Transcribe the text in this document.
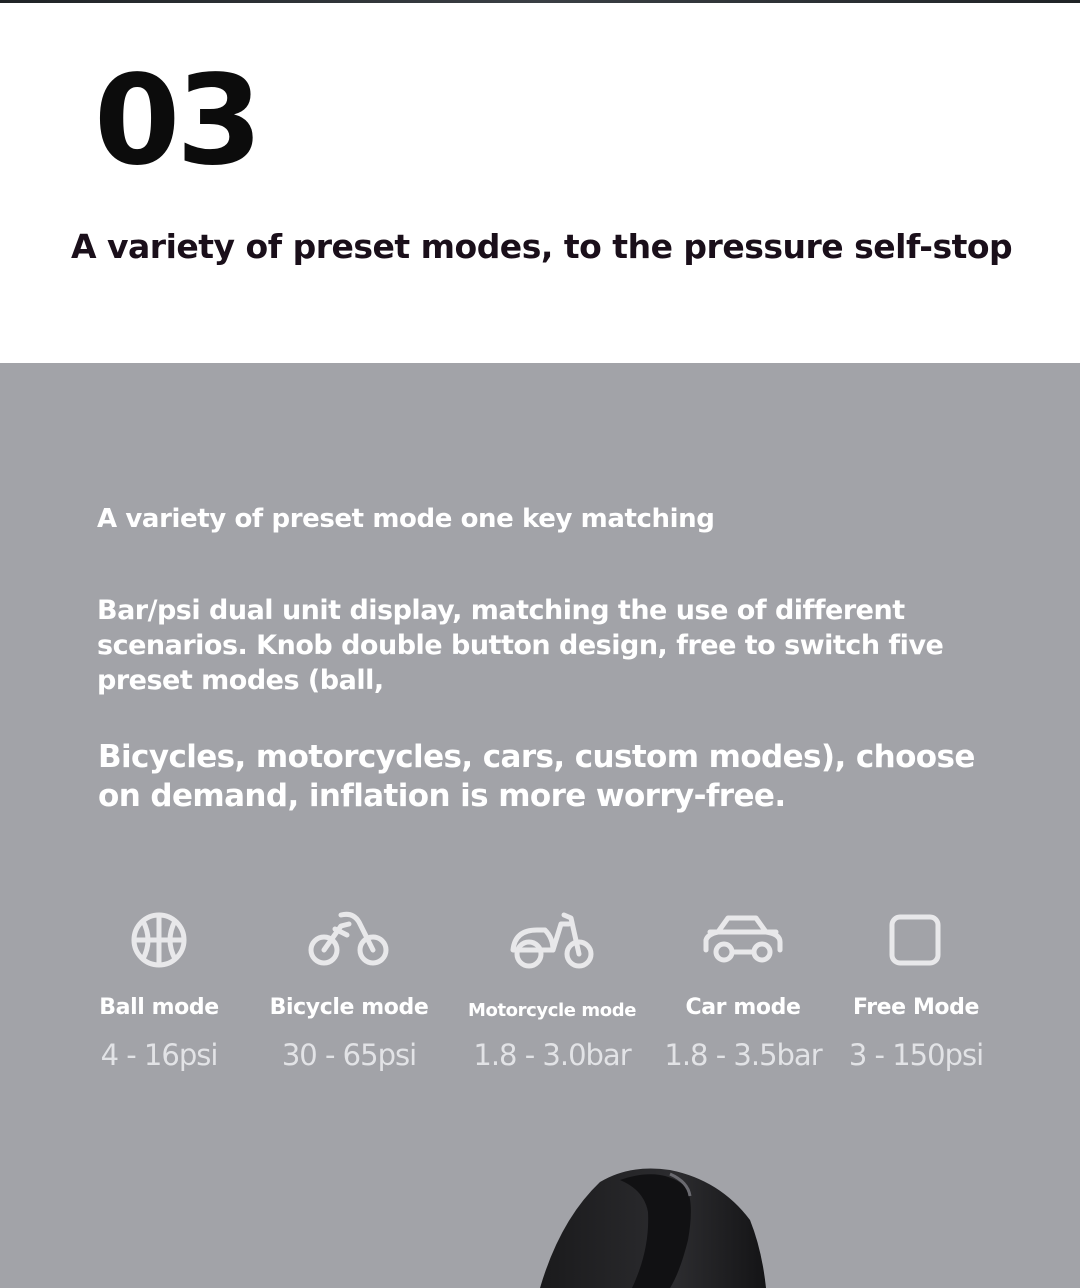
03
A variety of preset modes, to the pressure self-stop
A variety of preset mode one key matching

Bar/psi dual unit display, matching the use of different scenarios. Knob double button design, free to switch five preset modes (ball,

Bicycles, motorcycles, cars, custom modes), choose on demand, inflation is more worry-free.

Ball mode
4 - 16psi
Bicycle mode
30 - 65psi
Motorcycle mode
1.8 - 3.0bar
Car mode
1.8 - 3.5bar
Free Mode
3 - 150psi
